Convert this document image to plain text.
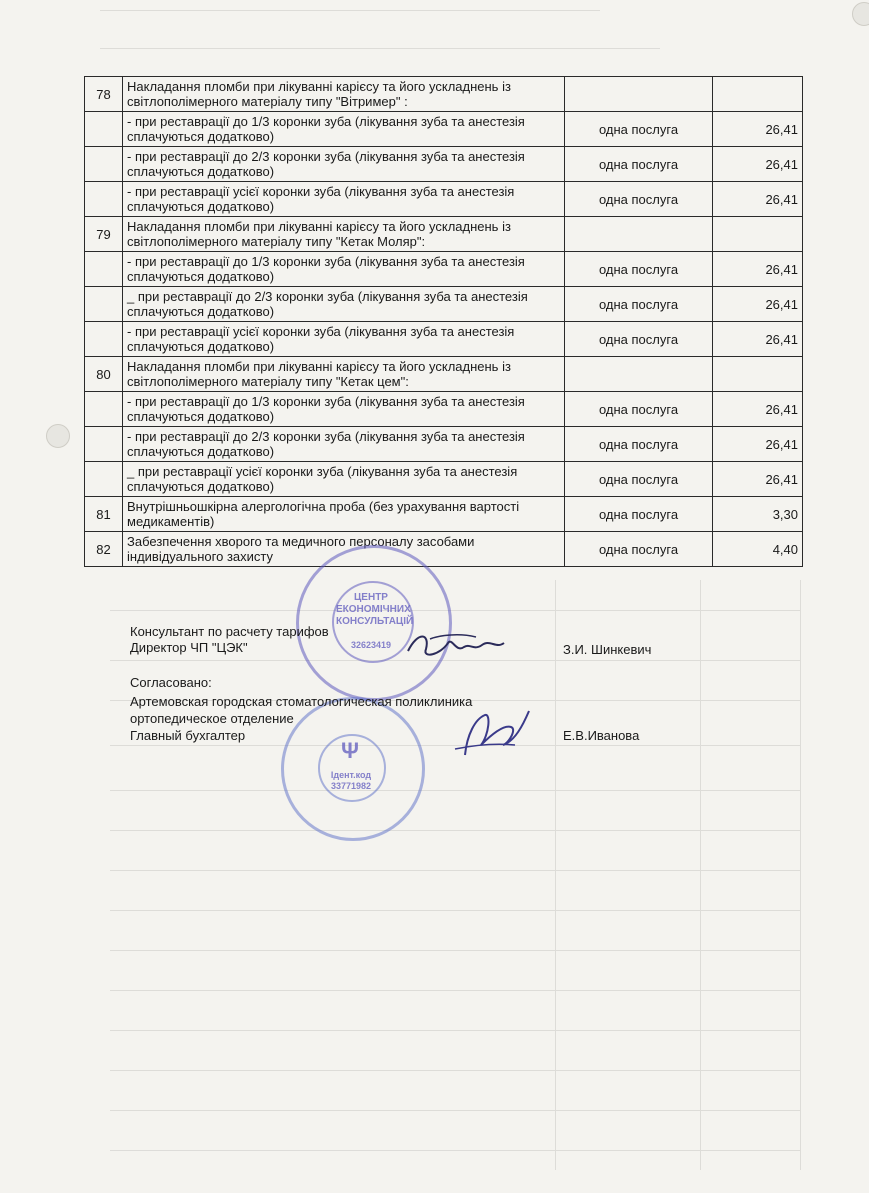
78	Накладання пломби при лікуванні карієсу та його ускладнень із світлополімерного матеріалу типу "Вітример" :		
	- при реставрації до 1/3 коронки зуба (лікування зуба та анестезія сплачуються додатково)	одна послуга	26,41
	- при реставрації до 2/3 коронки зуба (лікування зуба та анестезія сплачуються додатково)	одна послуга	26,41
	- при реставрації усієї коронки зуба (лікування зуба та анестезія сплачуються додатково)	одна послуга	26,41
79	Накладання пломби при лікуванні карієсу та його ускладнень із світлополімерного матеріалу типу "Кетак Моляр":		
	- при реставрації до 1/3 коронки зуба (лікування зуба та анестезія сплачуються додатково)	одна послуга	26,41
	_ при реставрації до 2/3 коронки зуба (лікування зуба та анестезія сплачуються додатково)	одна послуга	26,41
	- при реставрації усієї коронки зуба (лікування зуба та анестезія сплачуються додатково)	одна послуга	26,41
80	Накладання пломби при лікуванні карієсу та його ускладнень із світлополімерного матеріалу типу "Кетак цем":		
	- при реставрації до 1/3 коронки зуба (лікування зуба та анестезія сплачуються додатково)	одна послуга	26,41
	- при реставрації до 2/3 коронки зуба (лікування зуба та анестезія сплачуються додатково)	одна послуга	26,41
	_ при реставрації усієї коронки зуба (лікування зуба та анестезія сплачуються додатково)	одна послуга	26,41
81	Внутрішньошкірна алергологічна проба (без урахування вартості медикаментів)	одна послуга	3,30
82	Забезпечення хворого та медичного персоналу засобами індивідуального захисту	одна послуга	4,40
ЦЕНТР ЕКОНОМІЧНИХ КОНСУЛЬТАЦІЙ
32623419
Ψ
Ідент.код 33771982
Консультант по расчету тарифов
Директор ЧП "ЦЭК"	З.И. Шинкевич
Согласовано:
Артемовская городская стоматологическая поликлиника
ортопедическое отделение
Главный бухгалтер	Е.В.Иванова
